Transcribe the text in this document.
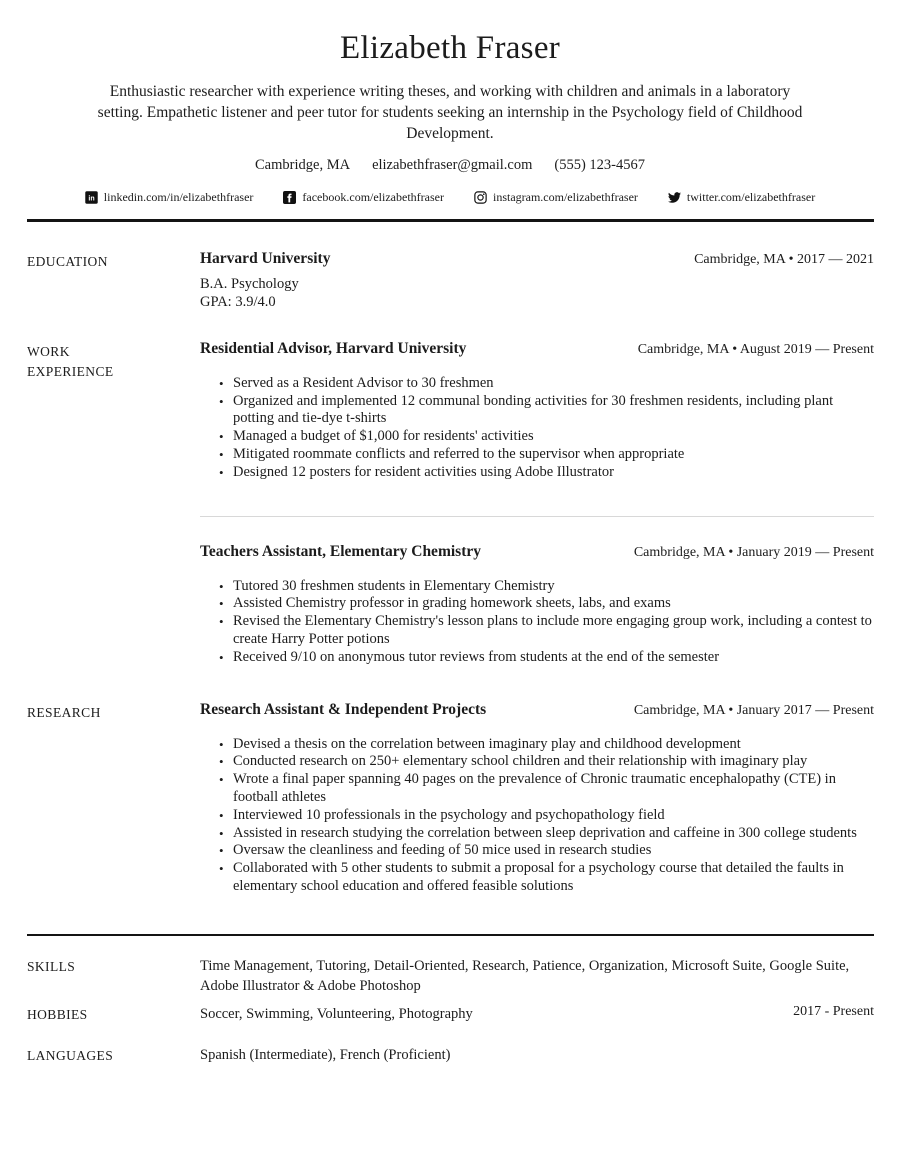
Elizabeth Fraser

Enthusiastic researcher with experience writing theses, and working with children and animals in a laboratory setting. Empathetic listener and peer tutor for students seeking an internship in the Psychology field of Childhood Development.

Cambridge, MA elizabethfraser@gmail.com (555) 123-4567
in linkedin.com/in/elizabethfraser	facebook.com/elizabethfraser	instagram.com/elizabethfraser	twitter.com/elizabethfraser
EDUCATION	Harvard University	Cambridge, MA • 2017 — 2021
B.A. Psychology
GPA: 3.9/4.0
WORK EXPERIENCE
Residential Advisor, Harvard University	Cambridge, MA • August 2019 — Present
• Served as a Resident Advisor to 30 freshmen
• Organized and implemented 12 communal bonding activities for 30 freshmen residents, including plant potting and tie-dye t-shirts
• Managed a budget of $1,000 for residents' activities
• Mitigated roommate conflicts and referred to the supervisor when appropriate
• Designed 12 posters for resident activities using Adobe Illustrator
Teachers Assistant, Elementary Chemistry	Cambridge, MA • January 2019 — Present
• Tutored 30 freshmen students in Elementary Chemistry
• Assisted Chemistry professor in grading homework sheets, labs, and exams
• Revised the Elementary Chemistry's lesson plans to include more engaging group work, including a contest to create Harry Potter potions
• Received 9/10 on anonymous tutor reviews from students at the end of the semester
RESEARCH	Research Assistant & Independent Projects	Cambridge, MA • January 2017 — Present
• Devised a thesis on the correlation between imaginary play and childhood development
• Conducted research on 250+ elementary school children and their relationship with imaginary play
• Wrote a final paper spanning 40 pages on the prevalence of Chronic traumatic encephalopathy (CTE) in football athletes
• Interviewed 10 professionals in the psychology and psychopathology field
• Assisted in research studying the correlation between sleep deprivation and caffeine in 300 college students
• Oversaw the cleanliness and feeding of 50 mice used in research studies
• Collaborated with 5 other students to submit a proposal for a psychology course that detailed the faults in elementary school education and offered feasible solutions
SKILLS	Time Management, Tutoring, Detail-Oriented, Research, Patience, Organization, Microsoft Suite, Google Suite, Adobe Illustrator & Adobe Photoshop
HOBBIES	Soccer, Swimming, Volunteering, Photography	2017 - Present
LANGUAGES	Spanish (Intermediate), French (Proficient)
